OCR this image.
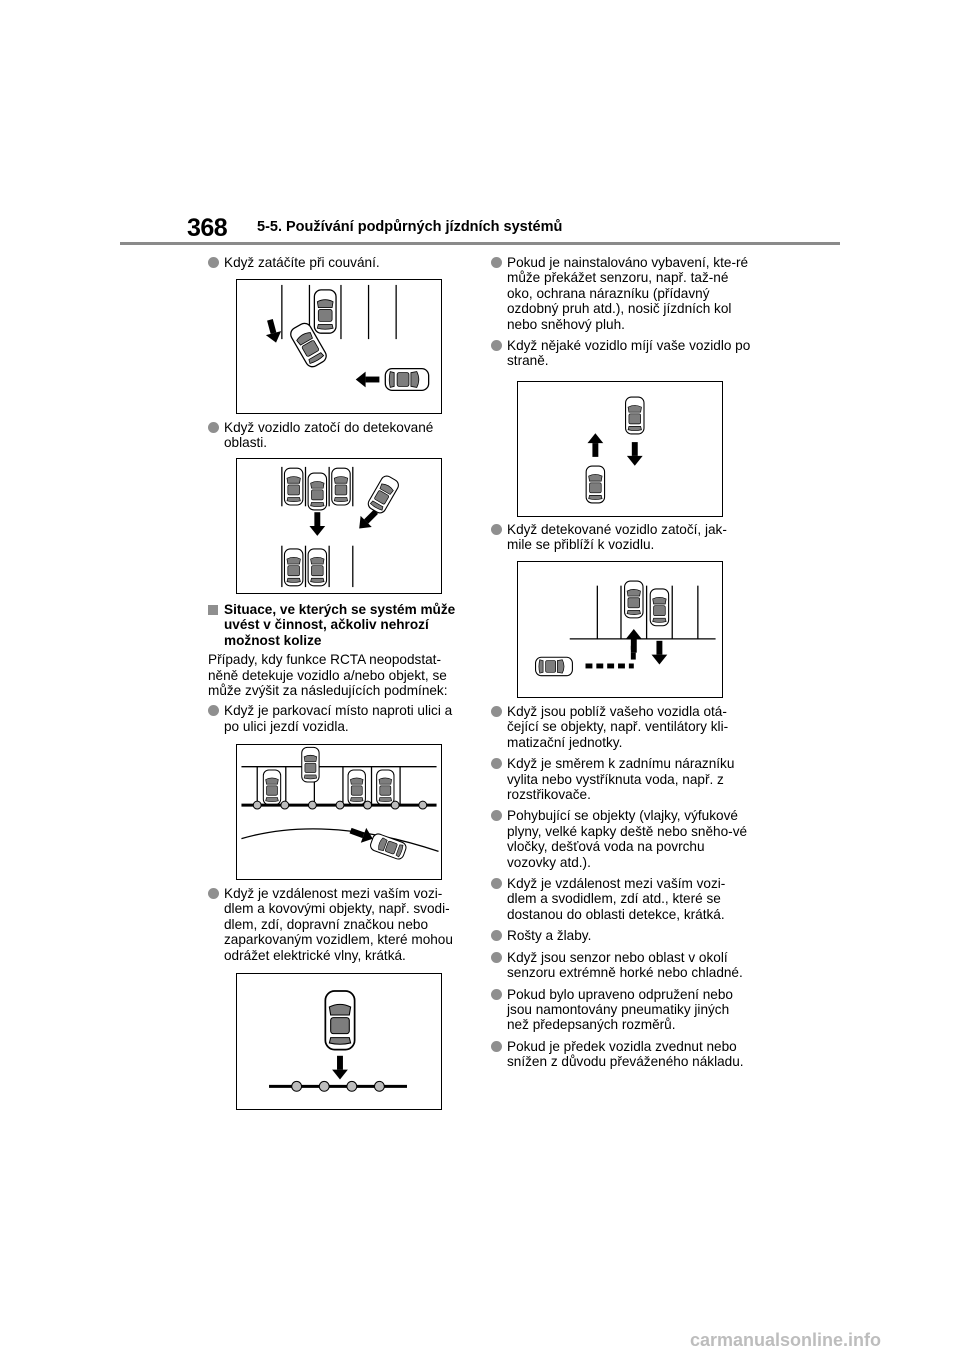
368 5-5. Používání podpůrných jízdních systémů
Když zatáčíte při couvání.
Když vozidlo zatočí do detekované oblasti.
Situace, ve kterých se systém může uvést v činnost, ačkoliv nehrozí možnost kolize

Případy, kdy funkce RCTA neopodstat-něně detekuje vozidlo a/nebo objekt, se může zvýšit za následujících podmínek:

Když je parkovací místo naproti ulici a po ulici jezdí vozidla.
Když je vzdálenost mezi vaším vozi-dlem a kovovými objekty, např. svodi-dlem, zdí, dopravní značkou nebo zaparkovaným vozidlem, které mohou odrážet elektrické vlny, krátká.
Pokud je nainstalováno vybavení, kte-ré může překážet senzoru, např. taž-né oko, ochrana nárazníku (přídavný ozdobný pruh atd.), nosič jízdních kol nebo sněhový pluh.
Když nějaké vozidlo míjí vaše vozidlo po straně.
Když detekované vozidlo zatočí, jak-mile se přiblíží k vozidlu.
Když jsou poblíž vašeho vozidla otá-čející se objekty, např. ventilátory kli-matizační jednotky.
Když je směrem k zadnímu nárazníku vylita nebo vystříknuta voda, např. z rozstřikovače.
Pohybující se objekty (vlajky, výfukové plyny, velké kapky deště nebo sněho-vé vločky, dešťová voda na povrchu vozovky atd.).
Když je vzdálenost mezi vaším vozi-dlem a svodidlem, zdí atd., které se dostanou do oblasti detekce, krátká.
Rošty a žlaby.
Když jsou senzor nebo oblast v okolí senzoru extrémně horké nebo chladné.
Pokud bylo upraveno odpružení nebo jsou namontovány pneumatiky jiných než předepsaných rozměrů.
Pokud je předek vozidla zvednut nebo snížen z důvodu převáženého nákladu.
carmanualsonline.info
